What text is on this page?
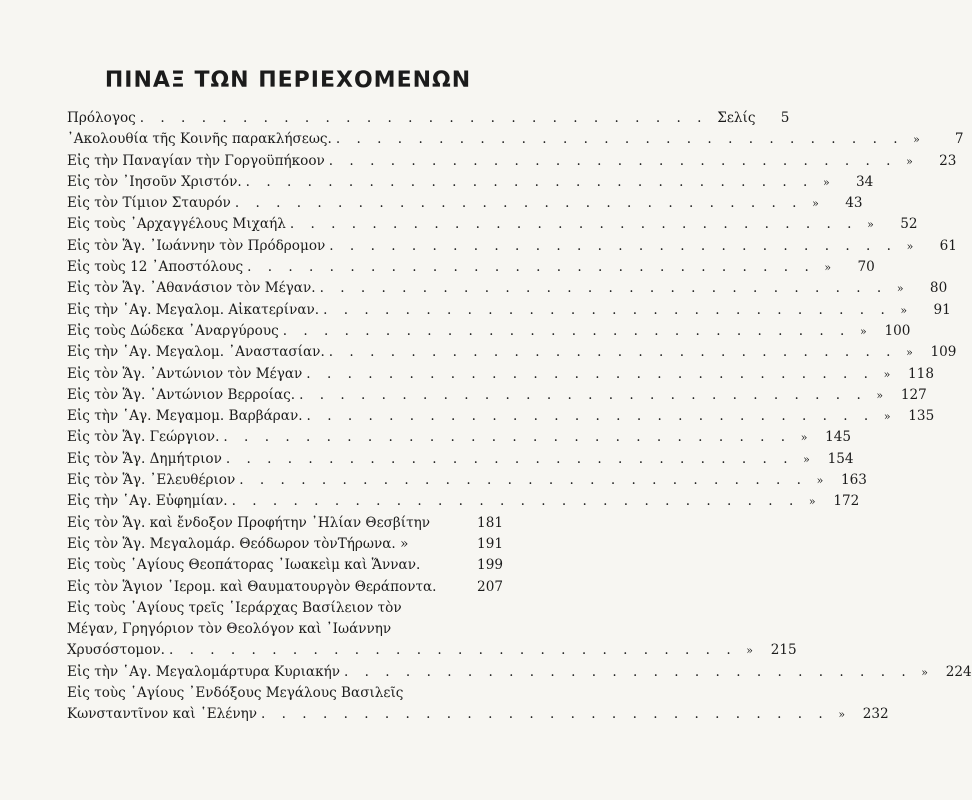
ΠΙΝΑΞ ΤΩΝ ΠΕΡΙΕΧΟΜΕΝΩΝ
Πρόλογος . . . . . . . . . . . . . . . . . . . . . . . . . . . . Σελίς	5
᾽Ακολουθία τῆς Κοινῆς παρακλήσεως. . . . . . . . . . . . . . . . . . . . . . . . . . . . . »	7
Εἰς τὴν Παναγίαν τὴν Γοργοϋπήκοον . . . . . . . . . . . . . . . . . . . . . . . . . . . . »	23
Εἰς τὸν ᾽Ιησοῦν Χριστόν. . . . . . . . . . . . . . . . . . . . . . . . . . . . . »	34
Εἰς τὸν Τίμιον Σταυρόν . . . . . . . . . . . . . . . . . . . . . . . . . . . . »	43
Εἰς τοὺς ᾽Αρχαγγέλους Μιχαήλ . . . . . . . . . . . . . . . . . . . . . . . . . . . . »	52
Εἰς τὸν Ἅγ. ᾽Ιωάννην τὸν Πρόδρομον . . . . . . . . . . . . . . . . . . . . . . . . . . . . »	61
Εἰς τοὺς 12 ᾽Αποστόλους . . . . . . . . . . . . . . . . . . . . . . . . . . . . »	70
Εἰς τὸν Ἅγ. ᾽Αθανάσιον τὸν Μέγαν. . . . . . . . . . . . . . . . . . . . . . . . . . . . . »	80
Εἰς τὴν ῾Αγ. Μεγαλομ. Αἰκατερίναν. . . . . . . . . . . . . . . . . . . . . . . . . . . . . »	91
Εἰς τοὺς Δώδεκα ᾽Αναργύρους . . . . . . . . . . . . . . . . . . . . . . . . . . . . »	100
Εἰς τὴν ῾Αγ. Μεγαλομ. ᾽Αναστασίαν. . . . . . . . . . . . . . . . . . . . . . . . . . . . . »	109
Εἰς τὸν Ἅγ. ᾽Αντώνιον τὸν Μέγαν . . . . . . . . . . . . . . . . . . . . . . . . . . . . »	118
Εἰς τὸν Ἅγ. ῾Αντώνιον Βερροίας. . . . . . . . . . . . . . . . . . . . . . . . . . . . . »	127
Εἰς τὴν ῾Αγ. Μεγαμομ. Βαρβάραν. . . . . . . . . . . . . . . . . . . . . . . . . . . . . »	135
Εἰς τὸν Ἅγ. Γεώργιον. . . . . . . . . . . . . . . . . . . . . . . . . . . . . »	145
Εἰς τὸν Ἅγ. Δημήτριον . . . . . . . . . . . . . . . . . . . . . . . . . . . . »	154
Εἰς τὸν Ἅγ. ᾽Ελευθέριον . . . . . . . . . . . . . . . . . . . . . . . . . . . . »	163
Εἰς τὴν ῾Αγ. Εὐφημίαν. . . . . . . . . . . . . . . . . . . . . . . . . . . . . »	172
Εἰς τὸν Ἅγ. καὶ ἔνδοξον Προφήτην ᾽Ηλίαν Θεσβίτην	181
Εἰς τὸν Ἅγ. Μεγαλομάρ. Θεόδωρον τὸνΤήρωνα. »	191
Εἰς τοὺς ῾Αγίους Θεοπάτορας ᾽Ιωακεὶμ καὶ Ἅνναν.	199
Εἰς τὸν Ἅγιον ῾Ιερομ. καὶ Θαυματουργὸν Θεράποντα.	207
Εἰς τοὺς ῾Αγίους τρεῖς ῾Ιεράρχας Βασίλειον τὸν
Μέγαν, Γρηγόριον τὸν Θεολόγον καὶ ᾽Ιωάννην
Χρυσόστομον. . . . . . . . . . . . . . . . . . . . . . . . . . . . . »	215
Εἰς τὴν ῾Αγ. Μεγαλομάρτυρα Κυριακήν . . . . . . . . . . . . . . . . . . . . . . . . . . . . »	224
Εἰς τοὺς ῾Αγίους ᾽Ενδόξους Μεγάλους Βασιλεῖς
Κωνσταντῖνον καὶ ῾Ελένην . . . . . . . . . . . . . . . . . . . . . . . . . . . . »	232
